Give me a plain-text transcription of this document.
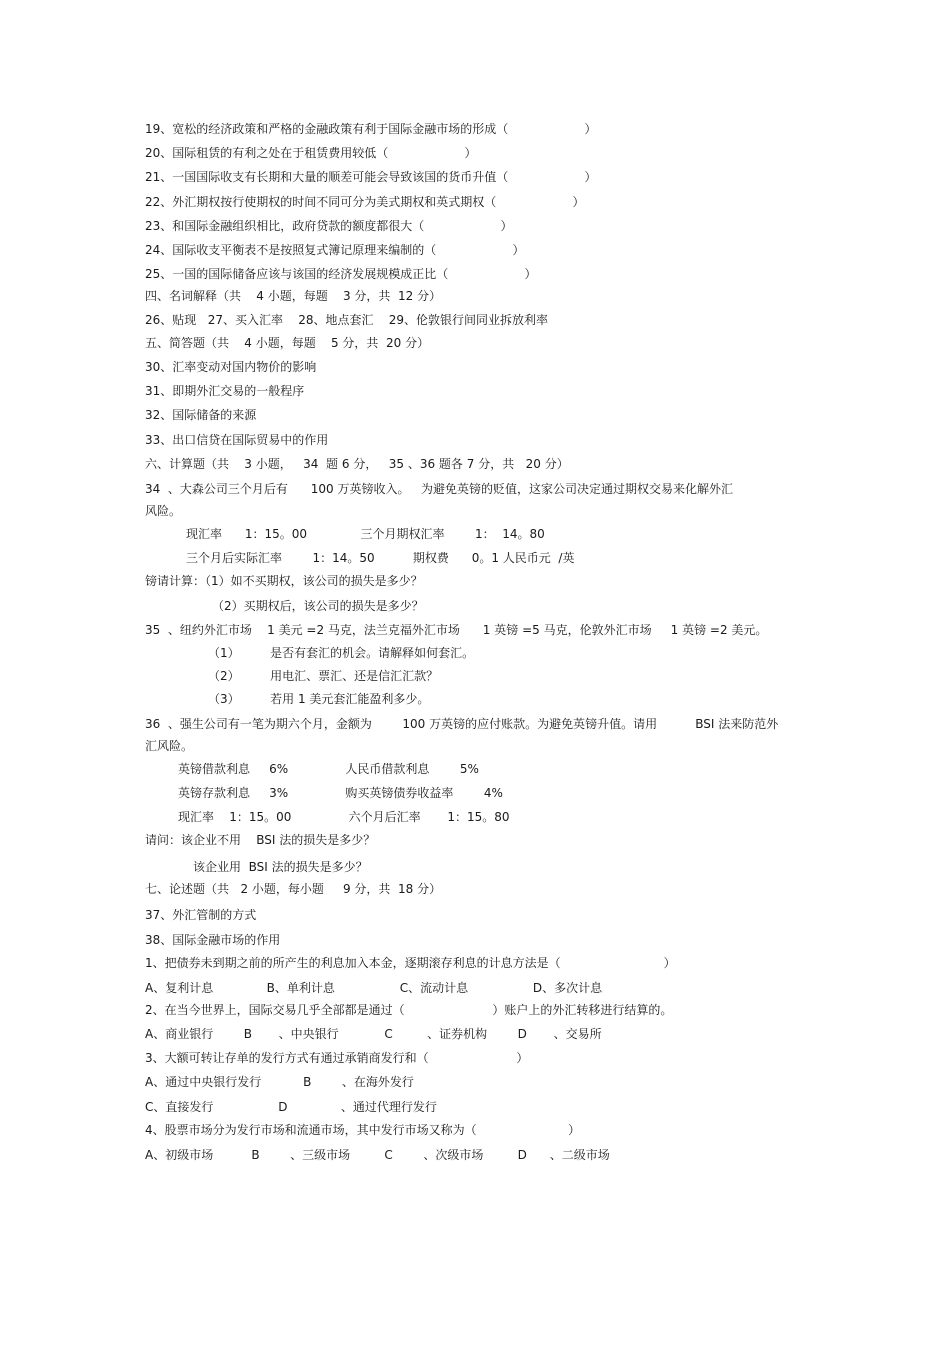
19、宽松的经济政策和严格的金融政策有利于国际金融市场的形成（                    ）
20、国际租赁的有利之处在于租赁费用较低（                    ）
21、一国国际收支有长期和大量的顺差可能会导致该国的货币升值（                    ）
22、外汇期权按行使期权的时间不同可分为美式期权和英式期权（                    ）
23、和国际金融组织相比，政府贷款的额度都很大（                    ）
24、国际收支平衡表不是按照复式簿记原理来编制的（                    ）
25、一国的国际储备应该与该国的经济发展规模成正比（                    ）
四、名词解释（共    4 小题，每题    3 分，共  12 分）
26、贴现   27、买入汇率    28、地点套汇    29、伦敦银行间同业拆放利率
五、简答题（共    4 小题，每题    5 分，共  20 分）
30、汇率变动对国内物价的影响
31、即期外汇交易的一般程序
32、国际储备的来源
33、出口信贷在国际贸易中的作用
六、计算题（共    3 小题，   34  题 6 分，   35 、36 题各 7 分，共   20 分）
34  、大森公司三个月后有      100 万英镑收入。   为避免英镑的贬值，这家公司决定通过期权交易来化解外汇
风险。
现汇率      1：15。00              三个月期权汇率        1：  14。80
三个月后实际汇率        1：14。50          期权费      0。1 人民币元  /英
镑请计算：（1）如不买期权，该公司的损失是多少？
（2）买期权后，该公司的损失是多少？
35  、纽约外汇市场    1 美元 =2 马克，法兰克福外汇市场      1 英镑 =5 马克，伦敦外汇市场     1 英镑 =2 美元。
（1）        是否有套汇的机会。请解释如何套汇。
（2）        用电汇、票汇、还是信汇汇款？
（3）        若用 1 美元套汇能盈利多少。
36  、强生公司有一笔为期六个月，金额为        100 万英镑的应付账款。为避免英镑升值。请用          BSI 法来防范外
汇风险。
英镑借款利息     6%               人民币借款利息        5%
英镑存款利息     3%               购买英镑债券收益率        4%
现汇率    1：15。00               六个月后汇率       1：15。80
请问：该企业不用    BSI 法的损失是多少？
该企业用  BSI 法的损失是多少？
七、论述题（共   2 小题，每小题     9 分，共  18 分）
37、外汇管制的方式
38、国际金融市场的作用
1、把债券未到期之前的所产生的利息加入本金，逐期滚存利息的计息方法是（                           ）
A、复利计息              B、单利计息                 C、流动计息                 D、多次计息
2、在当今世界上，国际交易几乎全部都是通过（                       ）账户上的外汇转移进行结算的。
A、商业银行        B       、中央银行            C         、证券机构        D       、交易所
3、大额可转让存单的发行方式有通过承销商发行和（                       ）
A、通过中央银行发行           B        、在海外发行
C、直接发行                 D              、通过代理行发行
4、股票市场分为发行市场和流通市场，其中发行市场又称为（                        ）
A、初级市场          B        、三级市场         C        、次级市场         D      、二级市场
